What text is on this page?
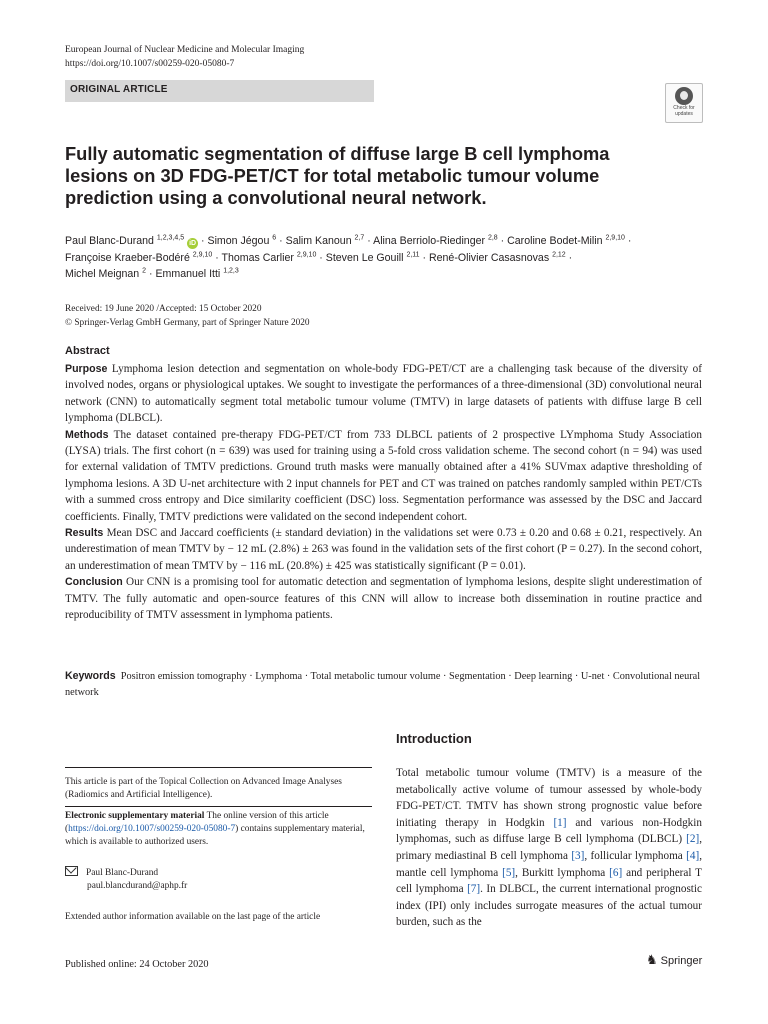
European Journal of Nuclear Medicine and Molecular Imaging
https://doi.org/10.1007/s00259-020-05080-7
ORIGINAL ARTICLE
Check for
updates
Fully automatic segmentation of diffuse large B cell lymphoma
lesions on 3D FDG-PET/CT for total metabolic tumour volume
prediction using a convolutional neural network.
Paul Blanc-Durand $^{1,2,3,4,5}$ iD · Simon Jégou $^6$ · Salim Kanoun $^{2,7}$ · Alina Berriolo-Riedinger $^{2,8}$ · Caroline Bodet-Milin $^{2,9,10}$ ·
Françoise Kraeber-Bodéré $^{2,9,10}$ · Thomas Carlier $^{2,9,10}$ · Steven Le Gouill $^{2,11}$ · René-Olivier Casasnovas $^{2,12}$ ·
Michel Meignan $^2$ · Emmanuel Itti $^{1,2,3}$
Received: 19 June 2020 /Accepted: 15 October 2020
© Springer-Verlag GmbH Germany, part of Springer Nature 2020
Abstract

Purpose Lymphoma lesion detection and segmentation on whole-body FDG-PET/CT are a challenging task because of the diversity of involved nodes, organs or physiological uptakes. We sought to investigate the performances of a three-dimensional (3D) convolutional neural network (CNN) to automatically segment total metabolic tumour volume (TMTV) in large datasets of patients with diffuse large B cell lymphoma (DLBCL).

Methods The dataset contained pre-therapy FDG-PET/CT from 733 DLBCL patients of 2 prospective LYmphoma Study Association (LYSA) trials. The first cohort (n = 639) was used for training using a 5-fold cross validation scheme. The second cohort (n = 94) was used for external validation of TMTV predictions. Ground truth masks were manually obtained after a 41% SUVmax adaptive thresholding of lymphoma lesions. A 3D U-net architecture with 2 input channels for PET and CT was trained on patches randomly sampled within PET/CTs with a summed cross entropy and Dice similarity coefficient (DSC) loss. Segmentation performance was assessed by the DSC and Jaccard coefficients. Finally, TMTV predictions were validated on the second independent cohort.

Results Mean DSC and Jaccard coefficients (± standard deviation) in the validations set were 0.73 ± 0.20 and 0.68 ± 0.21, respectively. An underestimation of mean TMTV by − 12 mL (2.8%) ± 263 was found in the validation sets of the first cohort (P = 0.27). In the second cohort, an underestimation of mean TMTV by − 116 mL (20.8%) ± 425 was statistically significant (P = 0.01).

Conclusion Our CNN is a promising tool for automatic detection and segmentation of lymphoma lesions, despite slight underestimation of TMTV. The fully automatic and open-source features of this CNN will allow to increase both dissemination in routine practice and reproducibility of TMTV assessment in lymphoma patients.

Keywords Positron emission tomography · Lymphoma · Total metabolic tumour volume · Segmentation · Deep learning · U-net · Convolutional neural network
Introduction
Total metabolic tumour volume (TMTV) is a measure of the metabolically active volume of tumour assessed by whole-body FDG-PET/CT. TMTV has shown strong prognostic value before initiating therapy in Hodgkin [1] and various non-Hodgkin lymphomas, such as diffuse large B cell lymphoma (DLBCL) [2], primary mediastinal B cell lymphoma [3], follicular lymphoma [4], mantle cell lymphoma [5], Burkitt lymphoma [6] and peripheral T cell lymphoma [7]. In DLBCL, the current international prognostic index (IPI) only includes surrogate measures of the actual tumour burden, such as the
This article is part of the Topical Collection on Advanced Image Analyses (Radiomics and Artificial Intelligence).
Electronic supplementary material The online version of this article (https://doi.org/10.1007/s00259-020-05080-7) contains supplementary material, which is available to authorized users.
Paul Blanc-Durand
paul.blancdurand@aphp.fr
Extended author information available on the last page of the article
Published online: 24 October 2020	♞ Springer
